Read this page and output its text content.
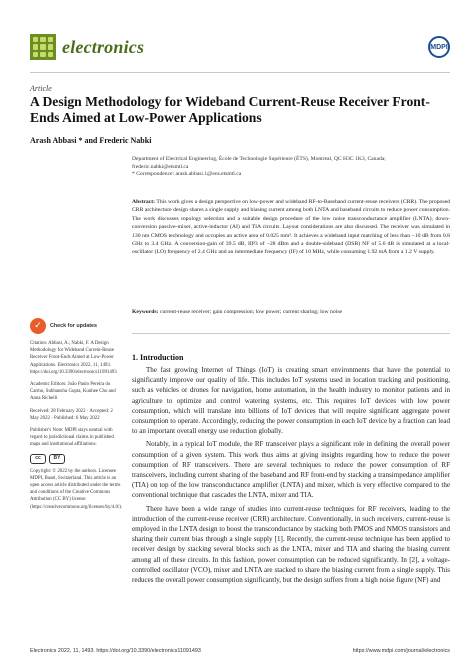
electronics	MDPI
Article
A Design Methodology for Wideband Current-Reuse Receiver Front-Ends Aimed at Low-Power Applications
Arash Abbasi * and Frederic Nabki
Department of Electrical Engineering, École de Technologie Supérieure (ÉTS), Montreal, QC H3C 1K3, Canada;
frederic.nabki@etsmtl.ca
* Correspondence: arash.abbasi.1@ens.etsmtl.ca
Abstract: This work gives a design perspective on low-power and wideband RF-to-Baseband current-reuse receivers (CRR). The proposed CRR architecture design shares a single supply and biasing current among both LNTA and baseband circuits to reduce power consumption. The work discusses topology selection and a suitable design procedure of the low noise transconductance amplifier (LNTA), down-conversion passive-mixer, active-inductor (AI) and TIA circuits. Layout considerations are also discussed. The receiver was simulated in 130 nm CMOS technology and occupies an active area of 0.025 mm². It achieves a wideband input matching of less than −10 dB from 0.8 GHz to 3.4 GHz. A conversion-gain of 39.5 dB, IIP3 of −28 dBm and a double-sideband (DSB) NF of 5.6 dB is simulated at a local-oscillator (LO) frequency of 2.4 GHz and an intermediate frequency (IF) of 10 MHz, while consuming 1.92 mA from a 1.2 V supply.
Keywords: current-reuse receiver; gain compression; low power; current sharing; low noise
✓	Check for updates

Citation: Abbasi, A.; Nabki, F. A Design Methodology for Wideband Current-Reuse Receiver Front-Ends Aimed at Low-Power Applications. Electronics 2022, 11, 1493. https://doi.org/10.3390/electronics11091493

Academic Editors: João Paulo Pereira do Carmo, Subhanshu Gupta, Kunhee Cho and Anna Richelli

Received: 28 February 2022 · Accepted: 2 May 2022 · Published: 6 May 2022

Publisher's Note: MDPI stays neutral with regard to jurisdictional claims in published maps and institutional affiliations.

cc	BY

Copyright: © 2022 by the authors. Licensee MDPI, Basel, Switzerland. This article is an open access article distributed under the terms and conditions of the Creative Commons Attribution (CC BY) license (https://creativecommons.org/licenses/by/4.0/).

1. Introduction

The fast growing Internet of Things (IoT) is creating smart environments that have the potential to significantly improve our quality of life. This includes IoT systems used in location tracking and positioning, such as vehicles or drones for navigation, home automation, in the health industry to monitor patients and in agriculture to optimize and control watering systems, etc. This requires IoT devices with low power consumption, which will translate into billions of IoT devices that will require significant aggregate power consumption to operate. Accordingly, reducing the power consumption in each IoT device by a fraction can lead to an important overall energy use reduction globally.

Notably, in a typical IoT module, the RF transceiver plays a significant role in defining the overall power consumption of a given system. This work thus aims at giving insights regarding how to reduce the power consumption of RF transceivers. There are several techniques to reduce the power consumption of RF transceivers, including current sharing of the baseband and RF front-end by stacking a transimpedance amplifier (TIA) on top of the low transconductance amplifier (LNTA) and mixer, which is very effective compared to the conventional technique that cascades the LNTA, mixer and TIA.

There have been a wide range of studies into current-reuse techniques for RF receivers, leading to the introduction of the current-reuse receiver (CRR) architecture. Conventionally, in such receivers, current-reuse is employed in the LNTA design to boost the transconductance by stacking both PMOS and NMOS transistors and sharing their current bias through a single supply [1]. Recently, the current-reuse technique has been applied to receiver design by stacking several blocks such as the LNTA, mixer and TIA and sharing the biasing current among all of these circuits. In this fashion, power consumption can be reduced significantly. In [2], a voltage-controlled oscillator (VCO), mixer and LNTA are stacked to share the biasing current from a single supply. This reduces the overall power consumption significantly, but the design suffers from a high noise figure (NF) and

Electronics 2022, 11, 1493. https://doi.org/10.3390/electronics11091493	https://www.mdpi.com/journal/electronics
